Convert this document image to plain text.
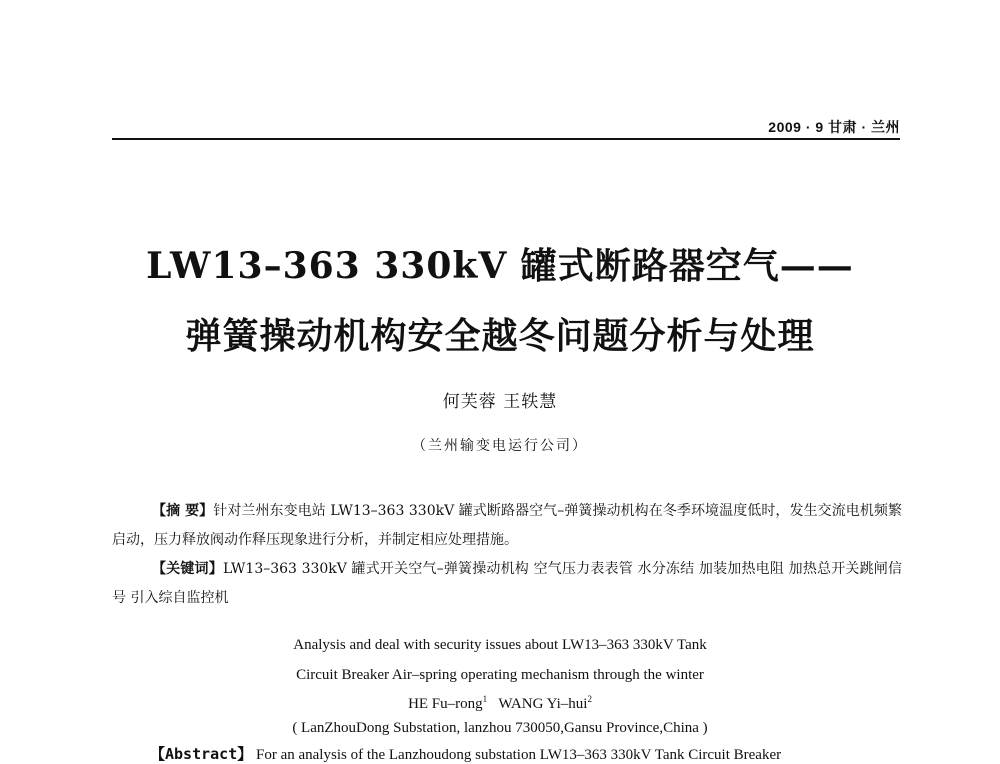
2009 · 9 甘肃 · 兰州
LW13–363 330kV 罐式断路器空气——
弹簧操动机构安全越冬问题分析与处理
何芙蓉 王轶慧
（兰州输变电运行公司）
【摘 要】针对兰州东变电站 LW13–363 330kV 罐式断路器空气–弹簧操动机构在冬季环境温度低时，发生交流电机频繁启动，压力释放阀动作释压现象进行分析，并制定相应处理措施。
【关键词】LW13–363 330kV 罐式开关空气–弹簧操动机构 空气压力表表管 水分冻结 加装加热电阻 加热总开关跳闸信号 引入综自监控机
Analysis and deal with security issues about LW13–363 330kV Tank
Circuit Breaker Air–spring operating mechanism through the winter
HE Fu–rong$^1$ WANG Yi–hui$^2$
( LanZhouDong Substation, lanzhou 730050,Gansu Province,China )
【Abstract】 For an analysis of the Lanzhoudong substation LW13–363 330kV Tank Circuit Breaker
